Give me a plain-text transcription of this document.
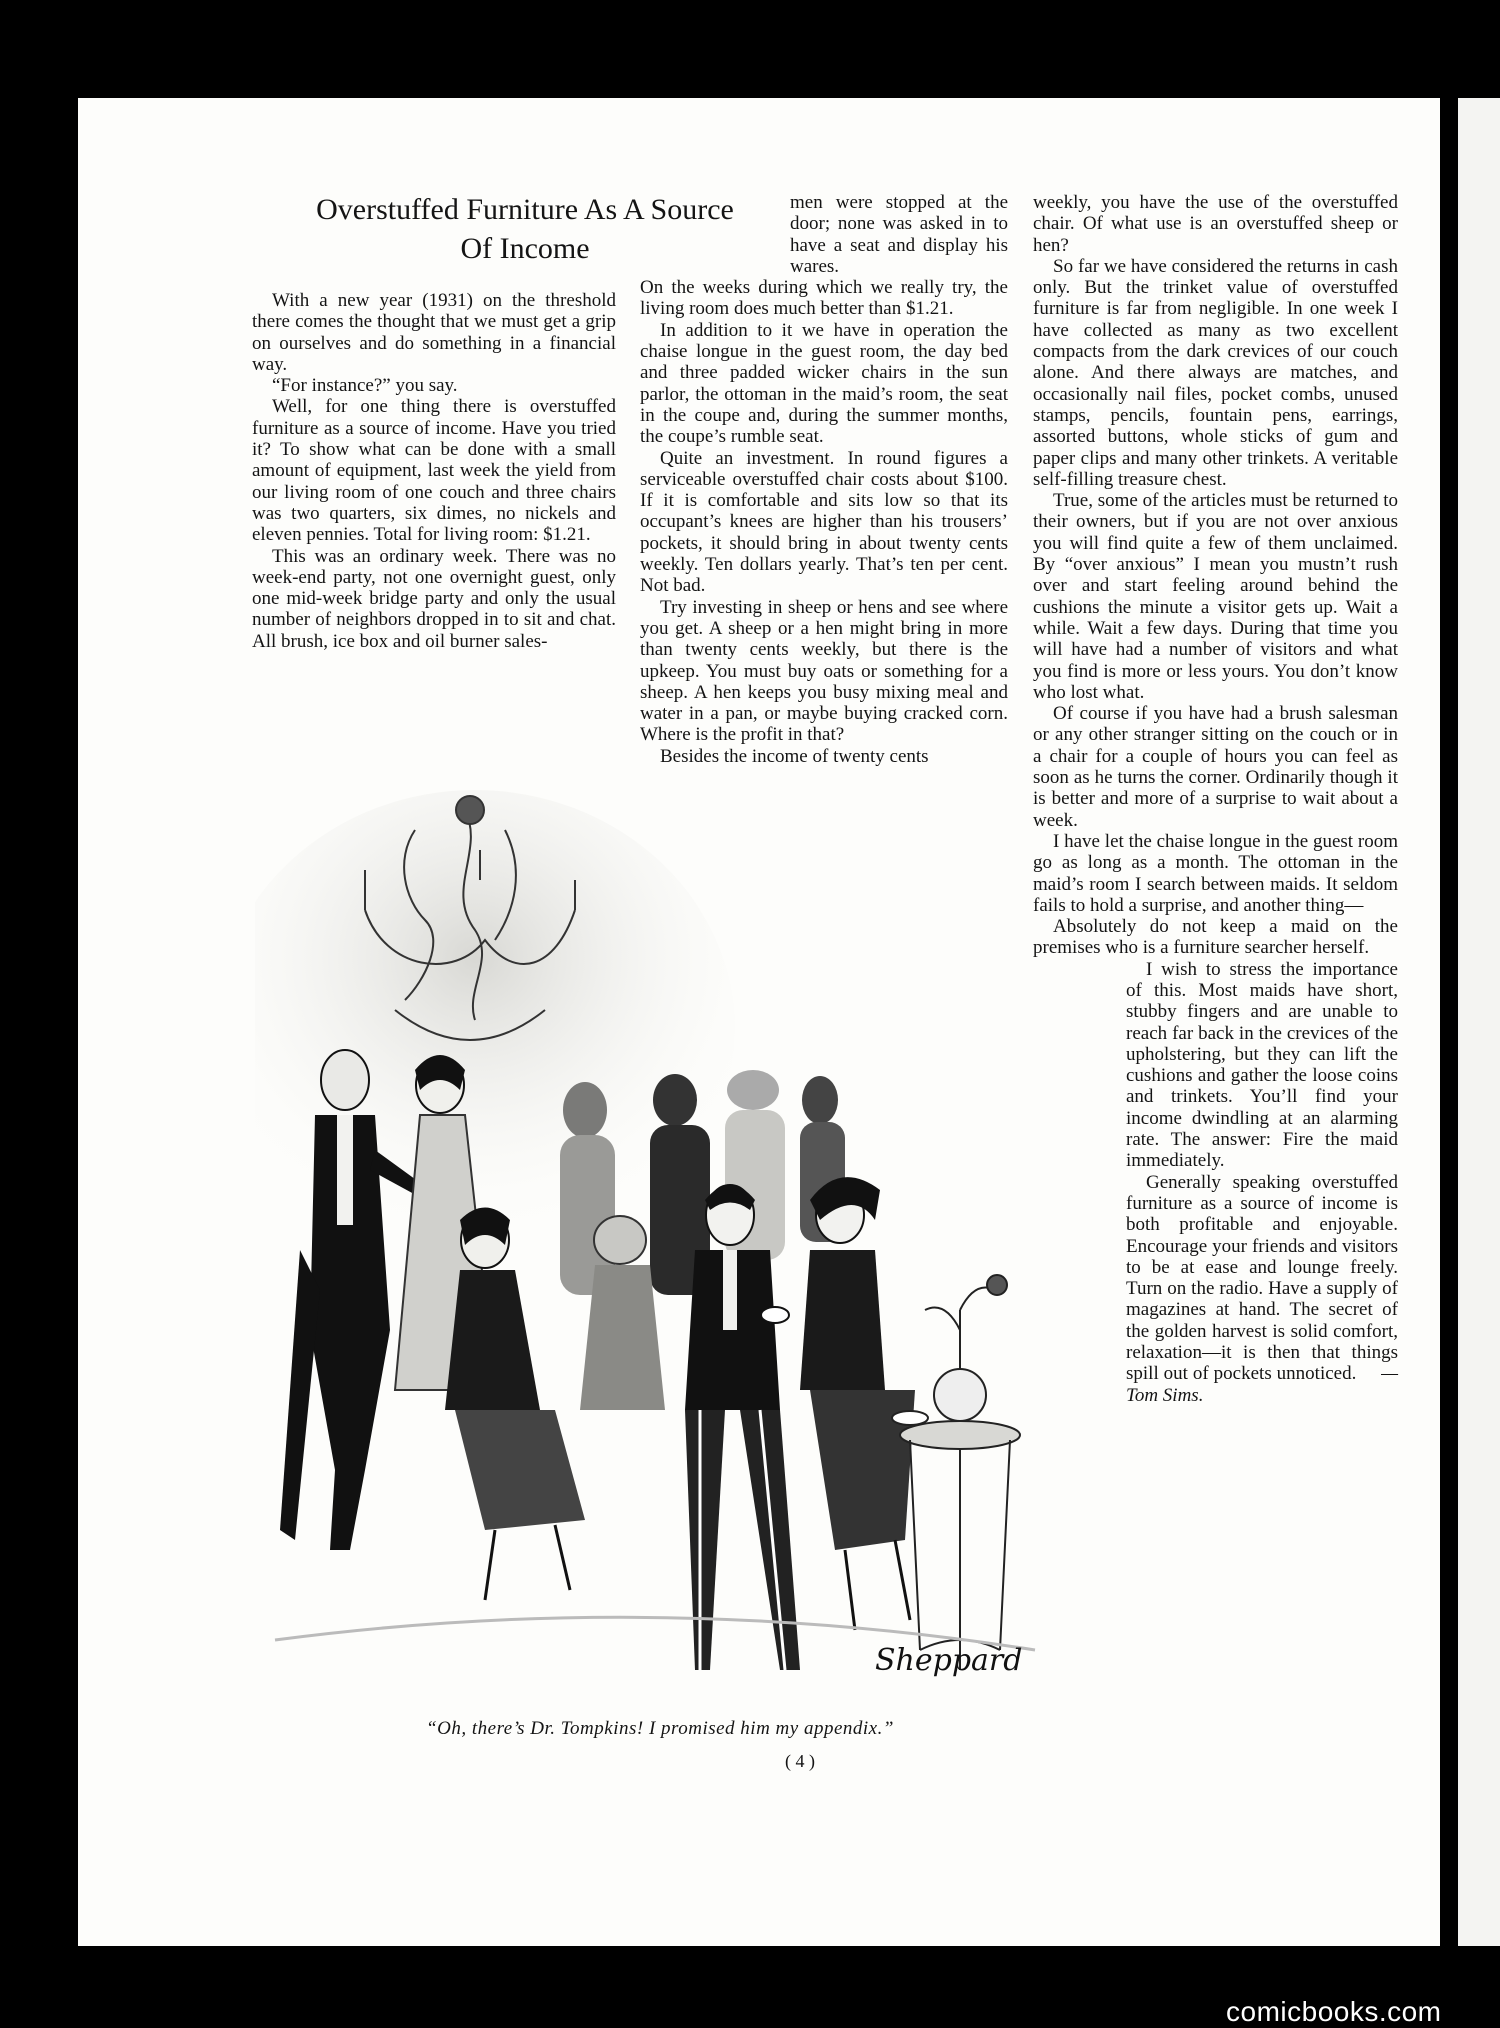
Overstuffed Furniture As A Source
Of Income

With a new year (1931) on the threshold there comes the thought that we must get a grip on ourselves and do something in a financial way.

“For instance?” you say.

Well, for one thing there is overstuffed furniture as a source of income. Have you tried it? To show what can be done with a small amount of equipment, last week the yield from our living room of one couch and three chairs was two quarters, six dimes, no nickels and eleven pennies. Total for living room: $1.21.

This was an ordinary week. There was no week-end party, not one overnight guest, only one mid-week bridge party and only the usual number of neighbors dropped in to sit and chat. All brush, ice box and oil burner sales-

men were stopped at the door; none was asked in to have a seat and display his wares.

On the weeks during which we really try, the living room does much better than $1.21.

In addition to it we have in operation the chaise longue in the guest room, the day bed and three padded wicker chairs in the sun parlor, the ottoman in the maid’s room, the seat in the coupe and, during the summer months, the coupe’s rumble seat.

Quite an investment. In round figures a serviceable overstuffed chair costs about $100. If it is comfortable and sits low so that its occupant’s knees are higher than his trousers’ pockets, it should bring in about twenty cents weekly. Ten dollars yearly. That’s ten per cent. Not bad.

Try investing in sheep or hens and see where you get. A sheep or a hen might bring in more than twenty cents weekly, but there is the upkeep. You must buy oats or something for a sheep. A hen keeps you busy mixing meal and water in a pan, or maybe buying cracked corn. Where is the profit in that?

Besides the income of twenty cents

weekly, you have the use of the overstuffed chair. Of what use is an overstuffed sheep or hen?

So far we have considered the returns in cash only. But the trinket value of overstuffed furniture is far from negligible. In one week I have collected as many as two excellent compacts from the dark crevices of our couch alone. And there always are matches, and occasionally nail files, pocket combs, unused stamps, pencils, fountain pens, earrings, assorted buttons, whole sticks of gum and paper clips and many other trinkets. A veritable self-filling treasure chest.

True, some of the articles must be returned to their owners, but if you are not over anxious you will find quite a few of them unclaimed. By “over anxious” I mean you mustn’t rush over and start feeling around behind the cushions the minute a visitor gets up. Wait a while. Wait a few days. During that time you will have had a number of visitors and what you find is more or less yours. You don’t know who lost what.

Of course if you have had a brush salesman or any other stranger sitting on the couch or in a chair for a couple of hours you can feel as soon as he turns the corner. Ordinarily though it is better and more of a surprise to wait about a week.

I have let the chaise longue in the guest room go as long as a month. The ottoman in the maid’s room I search between maids. It seldom fails to hold a surprise, and another thing—

Absolutely do not keep a maid on the premises who is a furniture searcher herself.

I wish to stress the importance of this. Most maids have short, stubby fingers and are unable to reach far back in the crevices of the upholstering, but they can lift the cushions and gather the loose coins and trinkets. You’ll find your income dwindling at an alarming rate. The answer: Fire the maid immediately.

Generally speaking overstuffed furniture as a source of income is both profitable and enjoyable. Encourage your friends and visitors to be at ease and lounge freely. Turn on the radio. Have a supply of magazines at hand. The secret of the golden harvest is solid comfort, relaxation—it is then that things spill out of pockets unnoticed. —Tom Sims.

Sheppard
“Oh, there’s Dr. Tompkins! I promised him my appendix.”
( 4 )
comicbooks.com
